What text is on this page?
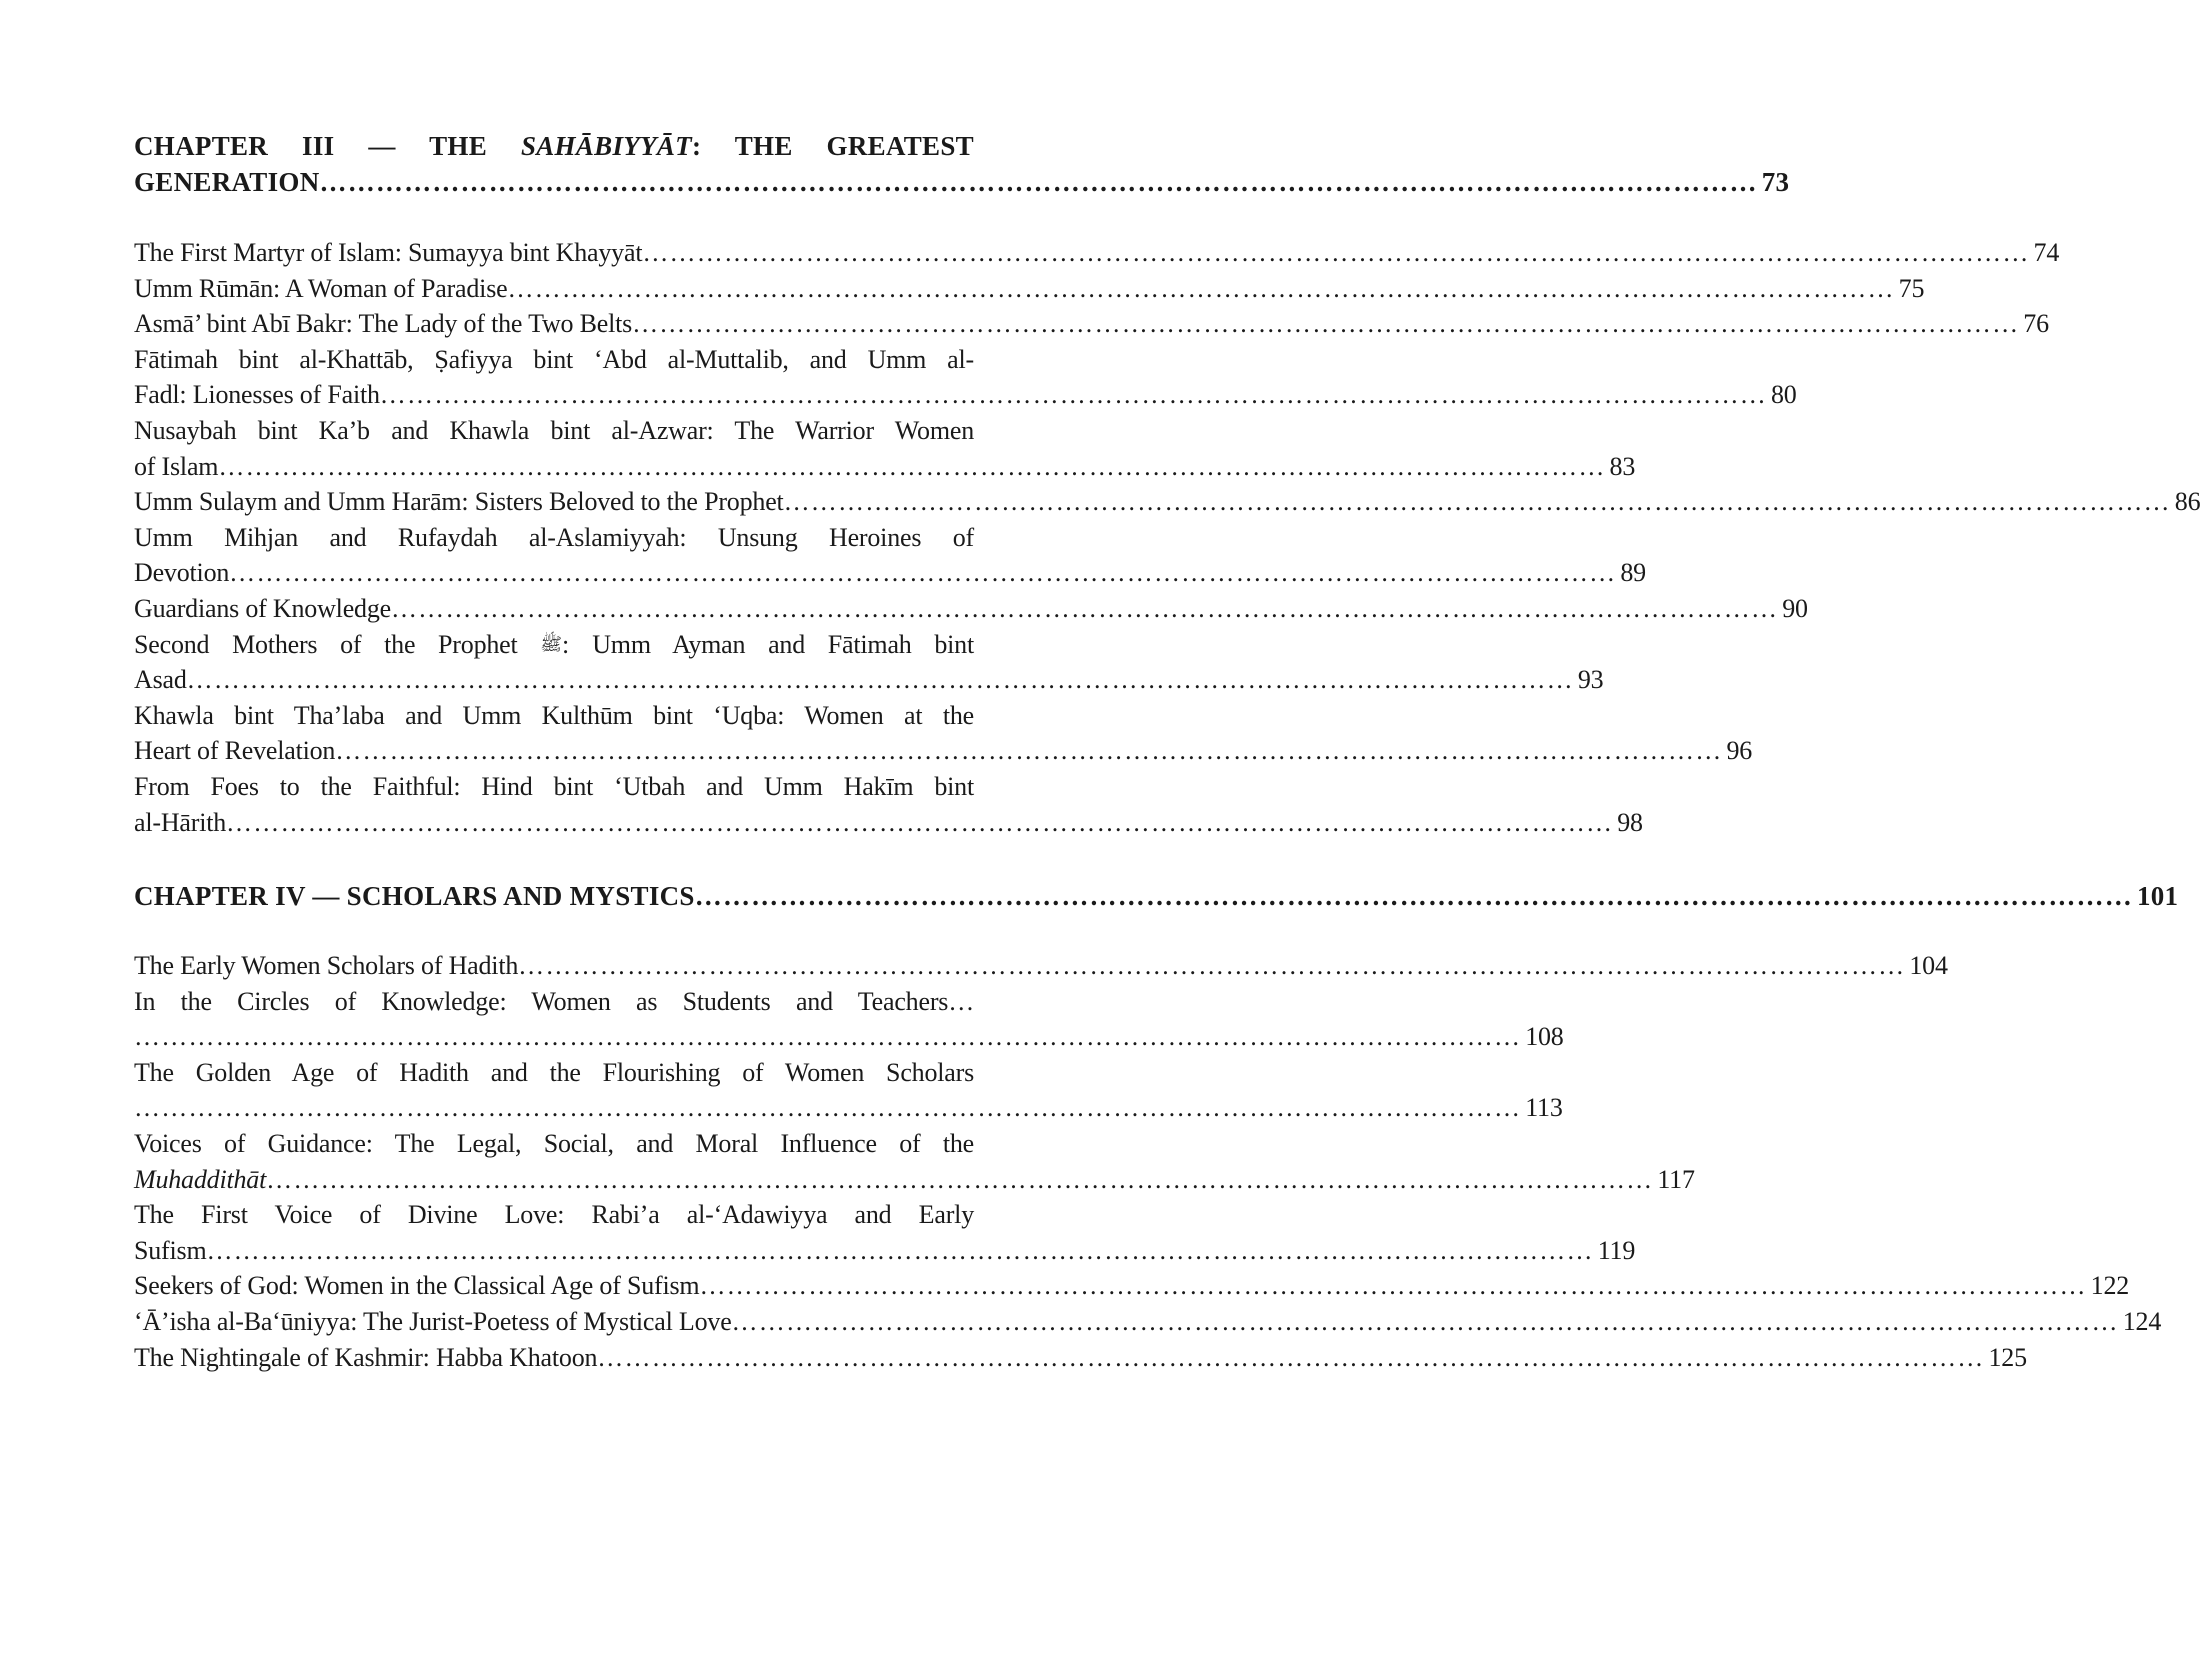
CHAPTER III — THE SAHĀBIYYĀT: THE GREATEST
GENERATION ……………………………………………………………………………………………………………………………………… 73
The First Martyr of Islam: Sumayya bint Khayyāt ……………………………………………………………………………………………………………………………………… 74
Umm Rūmān: A Woman of Paradise ……………………………………………………………………………………………………………………………………… 75
Asmā’ bint Abī Bakr: The Lady of the Two Belts ……………………………………………………………………………………………………………………………………… 76
Fātimah bint al-Khattāb, Ṣafiyya bint ‘Abd al-Muttalib, and Umm al-
Fadl: Lionesses of Faith ……………………………………………………………………………………………………………………………………… 80
Nusaybah bint Ka’b and Khawla bint al-Azwar: The Warrior Women
of Islam ……………………………………………………………………………………………………………………………………… 83
Umm Sulaym and Umm Harām: Sisters Beloved to the Prophet ……………………………………………………………………………………………………………………………………… 86
Umm Mihjan and Rufaydah al-Aslamiyyah: Unsung Heroines of
Devotion ……………………………………………………………………………………………………………………………………… 89
Guardians of Knowledge ……………………………………………………………………………………………………………………………………… 90
Second Mothers of the Prophet ﷺ: Umm Ayman and Fātimah bint
Asad ……………………………………………………………………………………………………………………………………… 93
Khawla bint Tha’laba and Umm Kulthūm bint ‘Uqba: Women at the
Heart of Revelation ……………………………………………………………………………………………………………………………………… 96
From Foes to the Faithful: Hind bint ‘Utbah and Umm Hakīm bint
al-Hārith ……………………………………………………………………………………………………………………………………… 98
CHAPTER IV — SCHOLARS AND MYSTICS ……………………………………………………………………………………………………………………………………… 101
The Early Women Scholars of Hadith ……………………………………………………………………………………………………………………………………… 104
In the Circles of Knowledge: Women as Students and Teachers…
……………………………………………………………………………………………………………………………………… 108
The Golden Age of Hadith and the Flourishing of Women Scholars
……………………………………………………………………………………………………………………………………… 113
Voices of Guidance: The Legal, Social, and Moral Influence of the
Muhaddithāt ……………………………………………………………………………………………………………………………………… 117
The First Voice of Divine Love: Rabi’a al-‘Adawiyya and Early
Sufism ……………………………………………………………………………………………………………………………………… 119
Seekers of God: Women in the Classical Age of Sufism ……………………………………………………………………………………………………………………………………… 122
‘Ā’isha al-Ba‘ūniyya: The Jurist-Poetess of Mystical Love ……………………………………………………………………………………………………………………………………… 124
The Nightingale of Kashmir: Habba Khatoon ……………………………………………………………………………………………………………………………………… 125
